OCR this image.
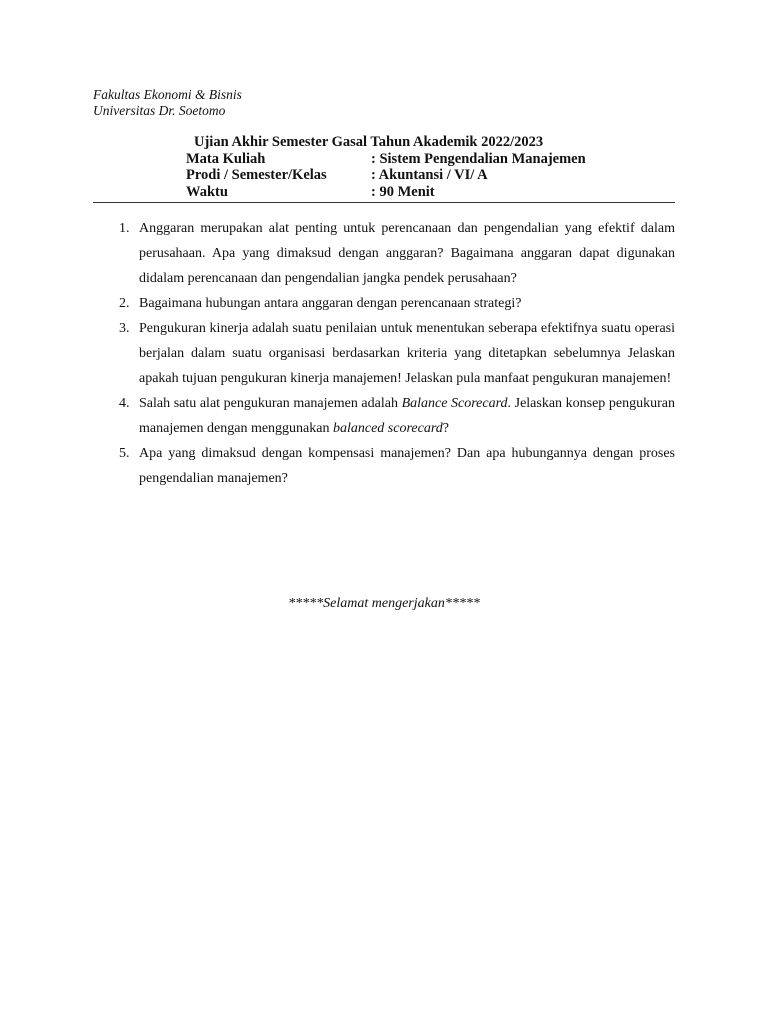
Fakultas Ekonomi & Bisnis
Universitas Dr. Soetomo
Ujian Akhir Semester Gasal Tahun Akademik 2022/2023
Mata Kuliah	: Sistem Pengendalian Manajemen
Prodi / Semester/Kelas	: Akuntansi / VI/ A
Waktu	: 90 Menit
1. Anggaran merupakan alat penting untuk perencanaan dan pengendalian yang efektif dalam perusahaan. Apa yang dimaksud dengan anggaran? Bagaimana anggaran dapat digunakan didalam perencanaan dan pengendalian jangka pendek perusahaan?
2. Bagaimana hubungan antara anggaran dengan perencanaan strategi?
3. Pengukuran kinerja adalah suatu penilaian untuk menentukan seberapa efektifnya suatu operasi berjalan dalam suatu organisasi berdasarkan kriteria yang ditetapkan sebelumnya Jelaskan apakah tujuan pengukuran kinerja manajemen! Jelaskan pula manfaat pengukuran manajemen!
4. Salah satu alat pengukuran manajemen adalah Balance Scorecard. Jelaskan konsep pengukuran manajemen dengan menggunakan balanced scorecard?
5. Apa yang dimaksud dengan kompensasi manajemen? Dan apa hubungannya dengan proses pengendalian manajemen?
*****Selamat mengerjakan*****
